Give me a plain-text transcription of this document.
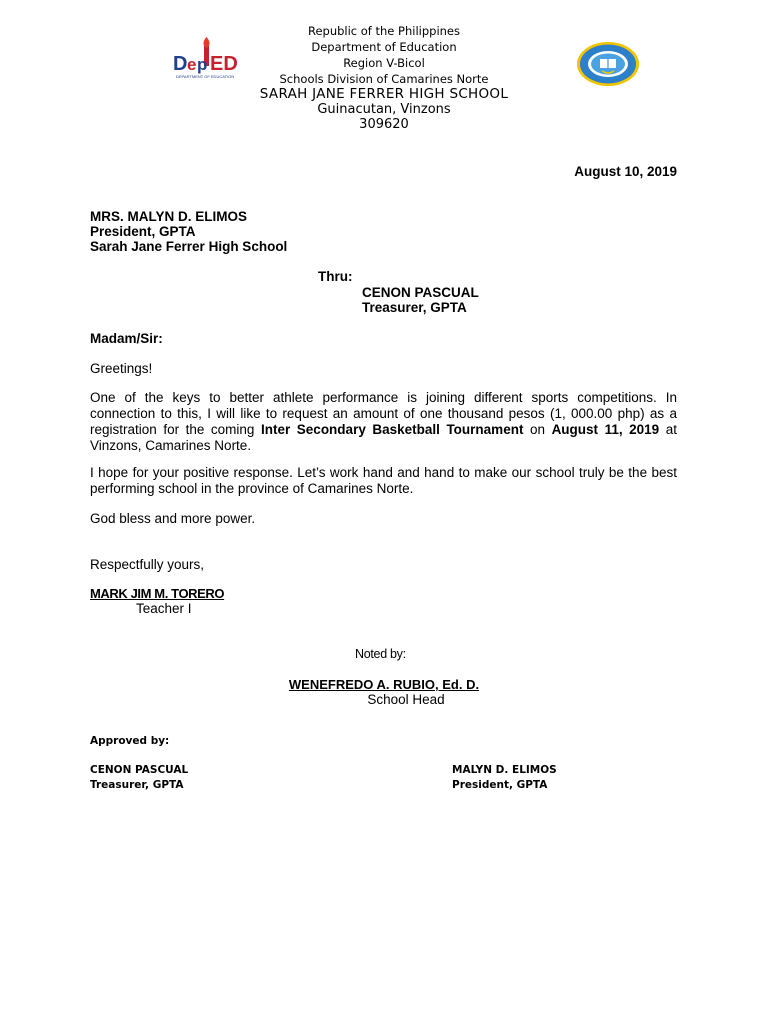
D e p ED
DEPARTMENT OF EDUCATION
Republic of the Philippines
Department of Education
Region V-Bicol
Schools Division of Camarines Norte
SARAH JANE FERRER HIGH SCHOOL
Guinacutan, Vinzons
309620
August 10, 2019
MRS. MALYN D. ELIMOS
President, GPTA
Sarah Jane Ferrer High School
Thru:
CENON PASCUAL
Treasurer, GPTA
Madam/Sir:
Greetings!
One of the keys to better athlete performance is joining different sports competitions. In connection to this, I will like to request an amount of one thousand pesos (1, 000.00 php) as a registration for the coming Inter Secondary Basketball Tournament on August 11, 2019 at Vinzons, Camarines Norte.
I hope for your positive response. Let’s work hand and hand to make our school truly be the best performing school in the province of Camarines Norte.
God bless and more power.
Respectfully yours,
MARK JIM M. TORERO
Teacher I
Noted by:
WENEFREDO A. RUBIO, Ed. D.
School Head
Approved by:
CENON PASCUAL
Treasurer, GPTA
MALYN D. ELIMOS
President, GPTA
